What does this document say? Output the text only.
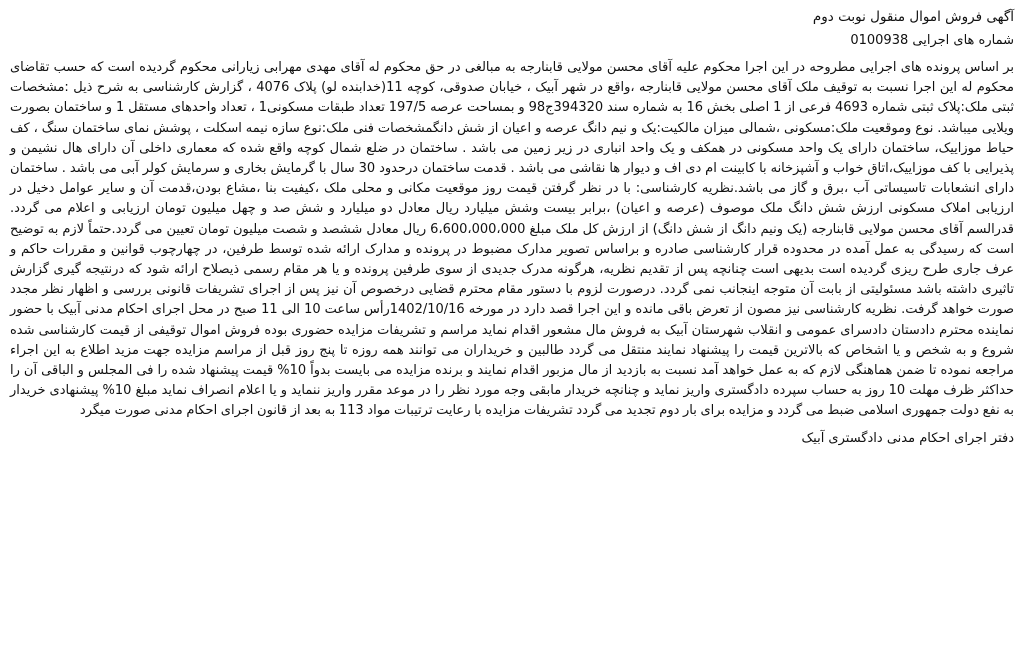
آگهی فروش اموال منقول نوبت دوم
شماره های اجرایی 0100938

بر اساس پرونده های اجرایی مطروحه در این اجرا محکوم علیه آقای محسن مولایی قابنارجه به مبالغی در حق محکوم له آقای مهدی مهرابی زیارانی محکوم گردیده است که حسب تقاضای محکوم له این اجرا نسبت به توقیف ملک آقای محسن مولایی قابنارجه ،واقع در شهر آبیک ، خیابان صدوقی، کوچه 11(خدابنده لو) پلاک 4076 ، گزارش کارشناسی به شرح ذیل :مشخصات ثبتی ملک:پلاک ثبتی شماره 4693 فرعی از 1 اصلی بخش 16 به شماره سند 394320ج98 و بمساحت عرصه 197/5 تعداد طبقات مسکونی1 ، تعداد واحدهای مستقل 1 و ساختمان بصورت ویلایی میباشد. نوع وموقعیت ملک:مسکونی ،شمالی میزان مالکیت:یک و نیم دانگ عرصه و اعیان از شش دانگمشخصات فنی ملک:نوع سازه نیمه اسکلت ، پوشش نمای ساختمان سنگ ، کف حیاط موزاییک، ساختمان دارای یک واحد مسکونی در همکف و یک واحد انباری در زیر زمین می باشد . ساختمان در ضلع شمال کوچه واقع شده که معماری داخلی آن دارای هال نشیمن و پذیرایی با کف موزاییک،اتاق خواب و آشپزخانه با کابینت ام دی اف و دیوار ها نقاشی می باشد . قدمت ساختمان درحدود 30 سال با گرمایش بخاری و سرمایش کولر آبی می باشد . ساختمان دارای انشعابات تاسیساتی آب ،برق و گاز می باشد.نظریه کارشناسی: با در نظر گرفتن قیمت روز موقعیت مکانی و محلی ملک ،کیفیت بنا ،مشاع بودن،قدمت آن و سایر عوامل دخیل در ارزیابی املاک مسکونی ارزش شش دانگ ملک موصوف (عرصه و اعیان) ،برابر بیست وشش میلیارد ریال معادل دو میلیارد و شش صد و چهل میلیون تومان ارزیابی و اعلام می گردد. قدرالسم آقای محسن مولایی قابنارجه (یک ونیم دانگ از شش دانگ) از ارزش کل ملک مبلغ 6،600،000،000 ریال معادل ششصد و شصت میلیون تومان تعیین می گردد.حتماً لازم به توضیح است که رسیدگی به عمل آمده در محدوده قرار کارشناسی صادره و براساس تصویر مدارک مضبوط در پرونده و مدارک ارائه شده توسط طرفین، در چهارچوب قوانین و مقررات حاکم و عرف جاری طرح ریزی گردیده است بدیهی است چنانچه پس از تقدیم نظریه، هرگونه مدرک جدیدی از سوی طرفین پرونده و یا هر مقام رسمی ذیصلاح ارائه شود که درنتیجه گیری گزارش تاثیری داشته باشد مسئولیتی از بابت آن متوجه اینجانب نمی گردد. درصورت لزوم با دستور مقام محترم قضایی درخصوص آن نیز پس از اجرای تشریفات قانونی بررسی و اظهار نظر مجدد صورت خواهد گرفت. نظریه کارشناسی نیز مصون از تعرض باقی مانده و این اجرا قصد دارد در مورخه 1402/10/16رأس ساعت 10 الی 11 صبح در محل اجرای احکام مدنی آبیک با حضور نماینده محترم دادستان دادسرای عمومی و انقلاب شهرستان آبیک به فروش مال مشعور اقدام نماید مراسم و تشریفات مزایده حضوری بوده فروش اموال توقیفی از قیمت کارشناسی شده شروع و به شخص و یا اشخاص که بالاترین قیمت را پیشنهاد نمایند منتقل می گردد طالبین و خریداران می توانند همه روزه تا پنج روز قبل از مراسم مزایده جهت مزید اطلاع به این اجراء مراجعه نموده تا ضمن هماهنگی لازم که به عمل خواهد آمد نسبت به بازدید از مال مزبور اقدام نمایند و برنده مزایده می بایست بدواً 10% قیمت پیشنهاد شده را فی المجلس و الباقی آن را حداکثر ظرف مهلت 10 روز به حساب سپرده دادگستری واریز نماید و چنانچه خریدار مابقی وجه مورد نظر را در موعد مقرر واریز ننماید و یا اعلام انصراف نماید مبلغ 10% پیشنهادی خریدار به نفع دولت جمهوری اسلامی ضبط می گردد و مزایده برای بار دوم تجدید می گردد تشریفات مزایده با رعایت ترتیبات مواد 113 به بعد از قانون اجرای احکام مدنی صورت میگرد

دفتر اجرای احکام مدنی دادگستری آبیک
